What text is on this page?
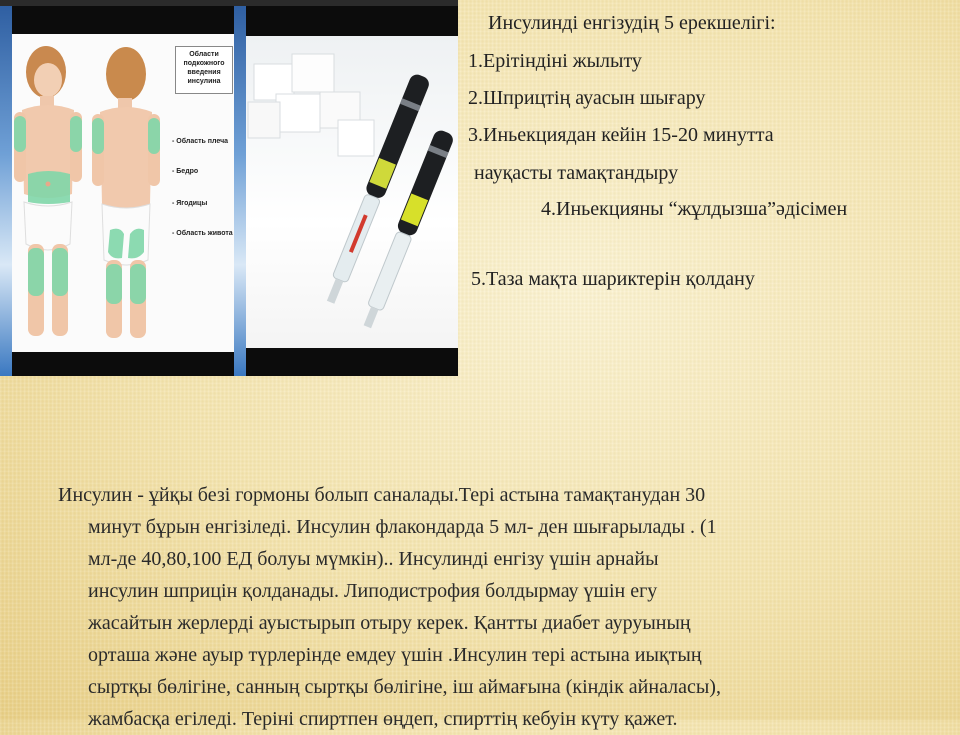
Области подкожного введения инсулина
- Область плеча
- Бедро
- Ягодицы
- Область живота
Инсулинді енгізудің 5 ерекшелігі:
1.Ерітіндіні жылыту
2.Шприцтің ауасын шығару
3.Иньекциядан кейін 15-20 минутта
науқасты тамақтандыру
4.Иньекцияны “жұлдызша”әдісімен
5.Таза мақта шариктерін қолдану
Инсулин - ұйқы безі гормоны болып саналады.Тері астына тамақтанудан 30
минут бұрын енгізіледі. Инсулин флакондарда 5 мл- ден шығарылады . (1
мл-де 40,80,100 ЕД болуы мүмкін).. Инсулинді енгізу үшін арнайы
инсулин шприцін қолданады. Липодистрофия болдырмау үшін егу
жасайтын жерлерді ауыстырып отыру керек. Қантты диабет ауруының
орташа және ауыр түрлерінде емдеу үшін .Инсулин тері астына иықтың
сыртқы бөлігіне, санның сыртқы бөлігіне, іш аймағына (кіндік айналасы),
жамбасқа егіледі. Теріні спиртпен өңдеп, спирттің кебуін күту қажет.
